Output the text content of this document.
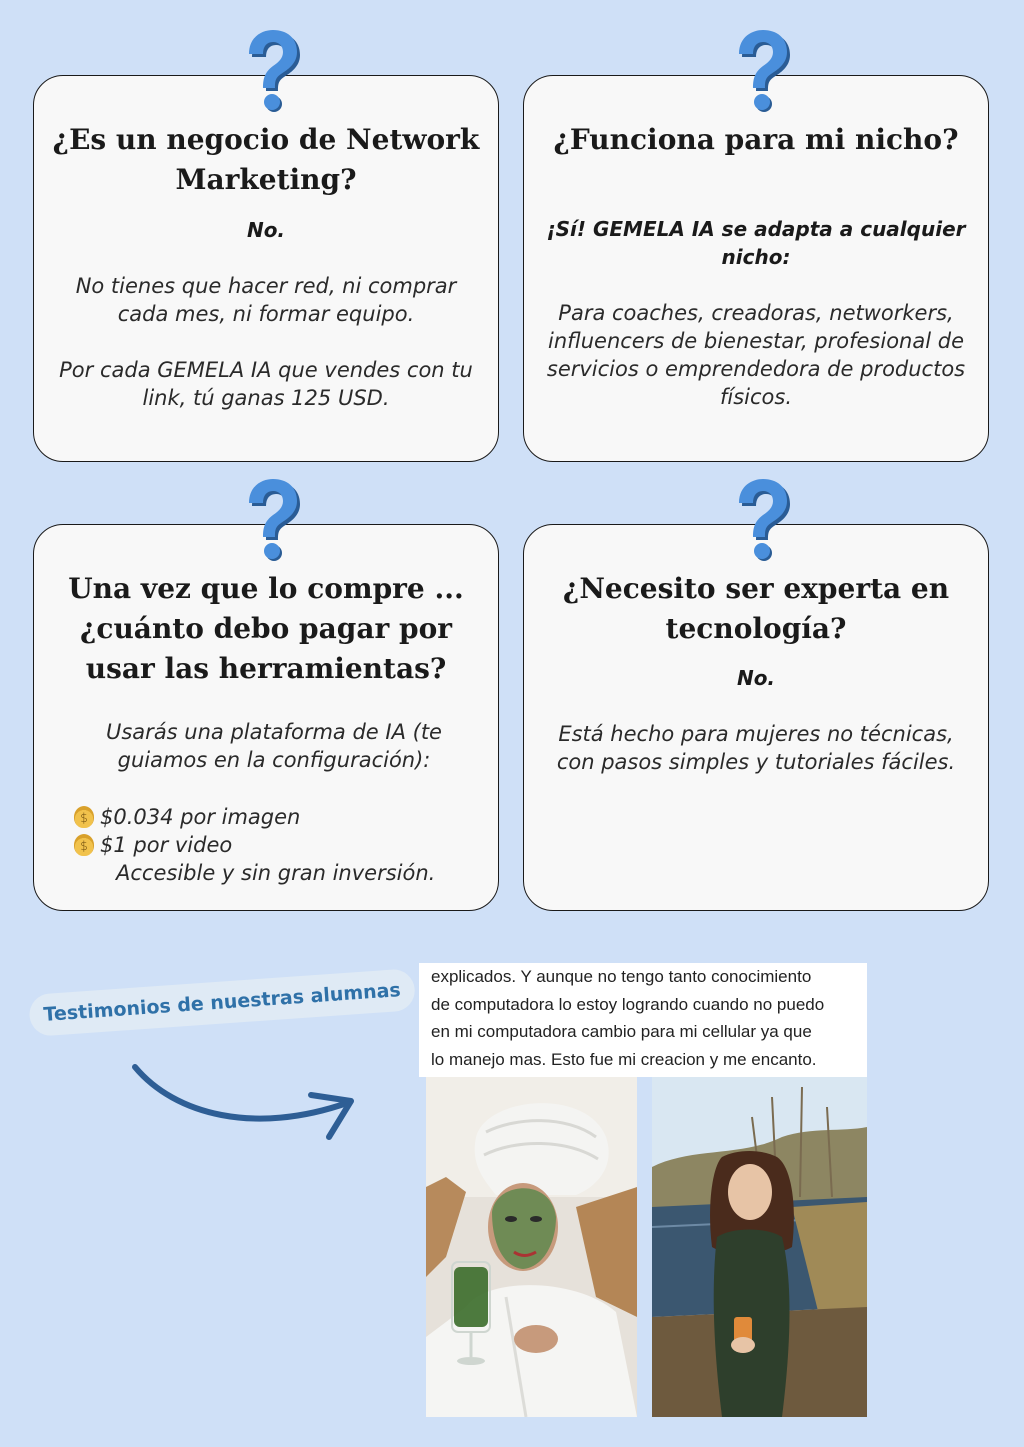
¿Es un negocio de Network Marketing?
No.

No tienes que hacer red, ni comprar cada mes, ni formar equipo.

Por cada GEMELA IA que vendes con tu link, tú ganas 125 USD.

¿Funciona para mi nicho?
¡Sí! GEMELA IA se adapta a cualquier nicho:

Para coaches, creadoras, networkers, influencers de bienestar, profesional de servicios o emprendedora de productos físicos.

Una vez que lo compre ... ¿cuánto debo pagar por usar las herramientas?

Usarás una plataforma de IA (te guiamos en la configuración):

$ $0.034 por imagen
$ $1 por video
Accesible y sin gran inversión.
¿Necesito ser experta en tecnología?
No.

Está hecho para mujeres no técnicas, con pasos simples y tutoriales fáciles.

Testimonios de nuestras alumnas

explicados. Y aunque no tengo tanto conocimiento
de computadora lo estoy logrando cuando no puedo
en mi computadora cambio para mi cellular ya que
lo manejo mas. Esto fue mi creacion y me encanto.
